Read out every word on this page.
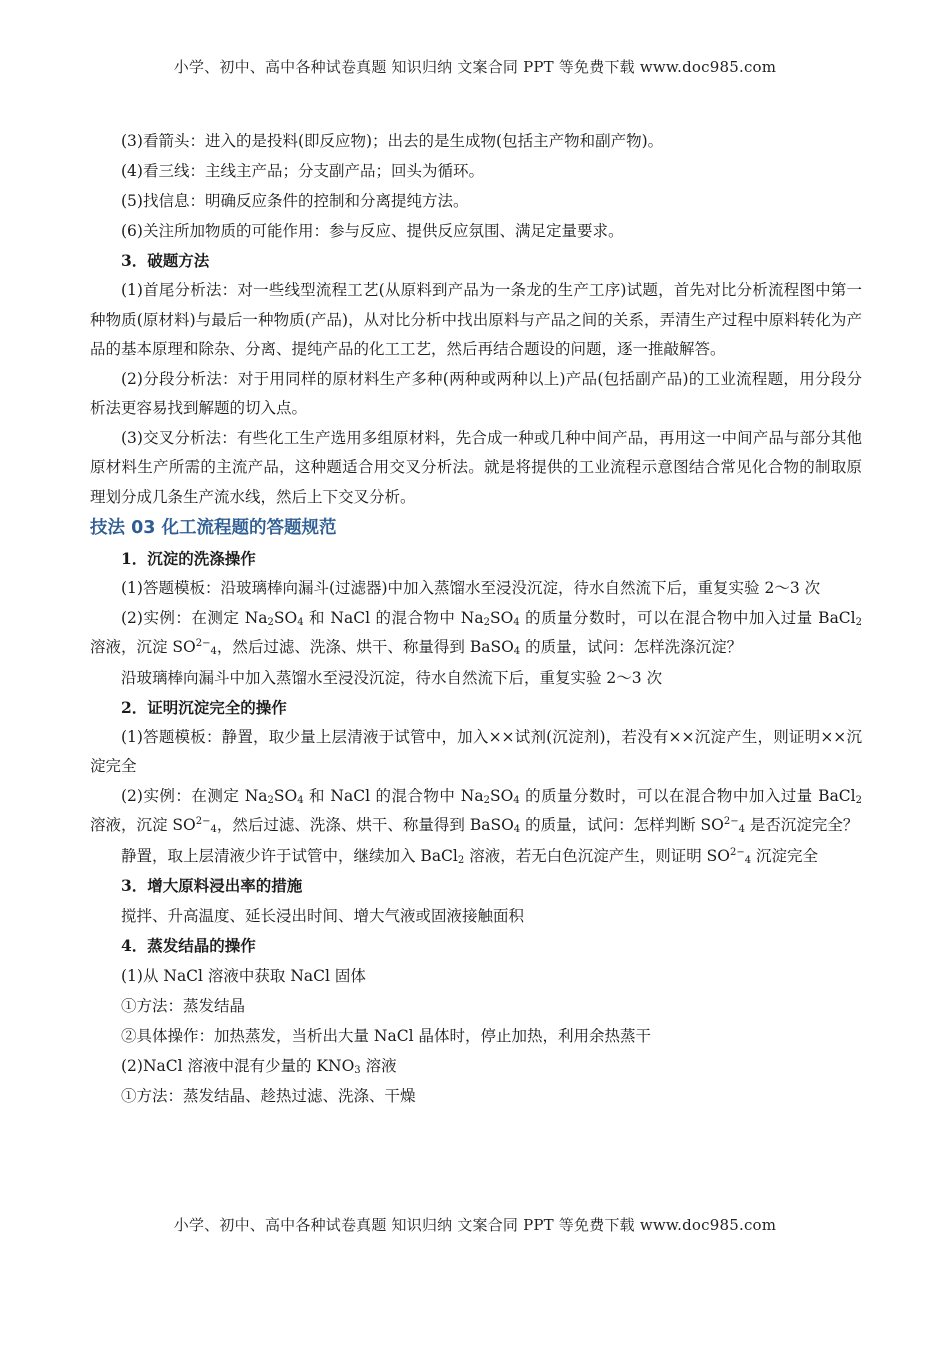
小学、初中、高中各种试卷真题 知识归纳 文案合同 PPT 等免费下载 www.doc985.com

(3)看箭头：进入的是投料(即反应物)；出去的是生成物(包括主产物和副产物)。

(4)看三线：主线主产品；分支副产品；回头为循环。

(5)找信息：明确反应条件的控制和分离提纯方法。

(6)关注所加物质的可能作用：参与反应、提供反应氛围、满足定量要求。

3．破题方法

(1)首尾分析法：对一些线型流程工艺(从原料到产品为一条龙的生产工序)试题，首先对比分析流程图中第一种物质(原材料)与最后一种物质(产品)，从对比分析中找出原料与产品之间的关系，弄清生产过程中原料转化为产品的基本原理和除杂、分离、提纯产品的化工工艺，然后再结合题设的问题，逐一推敲解答。

(2)分段分析法：对于用同样的原材料生产多种(两种或两种以上)产品(包括副产品)的工业流程题，用分段分析法更容易找到解题的切入点。

(3)交叉分析法：有些化工生产选用多组原材料，先合成一种或几种中间产品，再用这一中间产品与部分其他原材料生产所需的主流产品，这种题适合用交叉分析法。就是将提供的工业流程示意图结合常见化合物的制取原理划分成几条生产流水线，然后上下交叉分析。

技法 03 化工流程题的答题规范

1．沉淀的洗涤操作

(1)答题模板：沿玻璃棒向漏斗(过滤器)中加入蒸馏水至浸没沉淀，待水自然流下后，重复实验 2～3 次

(2)实例：在测定 $Na_2SO_4$ 和 NaCl 的混合物中 $Na_2SO_4$ 的质量分数时，可以在混合物中加入过量 BaCl$_2$ 溶液，沉淀 $SO^{2-}_4$，然后过滤、洗涤、烘干、称量得到 BaSO$_4$ 的质量，试问：怎样洗涤沉淀？

沿玻璃棒向漏斗中加入蒸馏水至浸没沉淀，待水自然流下后，重复实验 2～3 次

2．证明沉淀完全的操作

(1)答题模板：静置，取少量上层清液于试管中，加入××试剂(沉淀剂)，若没有××沉淀产生，则证明××沉淀完全

(2)实例：在测定 $Na_2SO_4$ 和 NaCl 的混合物中 $Na_2SO_4$ 的质量分数时，可以在混合物中加入过量 BaCl$_2$ 溶液，沉淀 $SO^{2-}_4$，然后过滤、洗涤、烘干、称量得到 BaSO$_4$ 的质量，试问：怎样判断 $SO^{2-}_4$ 是否沉淀完全？

静置，取上层清液少许于试管中，继续加入 BaCl$_2$ 溶液，若无白色沉淀产生，则证明 $SO^{2-}_4$ 沉淀完全

3．增大原料浸出率的措施

搅拌、升高温度、延长浸出时间、增大气液或固液接触面积

4．蒸发结晶的操作

(1)从 NaCl 溶液中获取 NaCl 固体

①方法：蒸发结晶

②具体操作：加热蒸发，当析出大量 NaCl 晶体时，停止加热，利用余热蒸干

(2)NaCl 溶液中混有少量的 $KNO_3$ 溶液

①方法：蒸发结晶、趁热过滤、洗涤、干燥

小学、初中、高中各种试卷真题 知识归纳 文案合同 PPT 等免费下载 www.doc985.com
